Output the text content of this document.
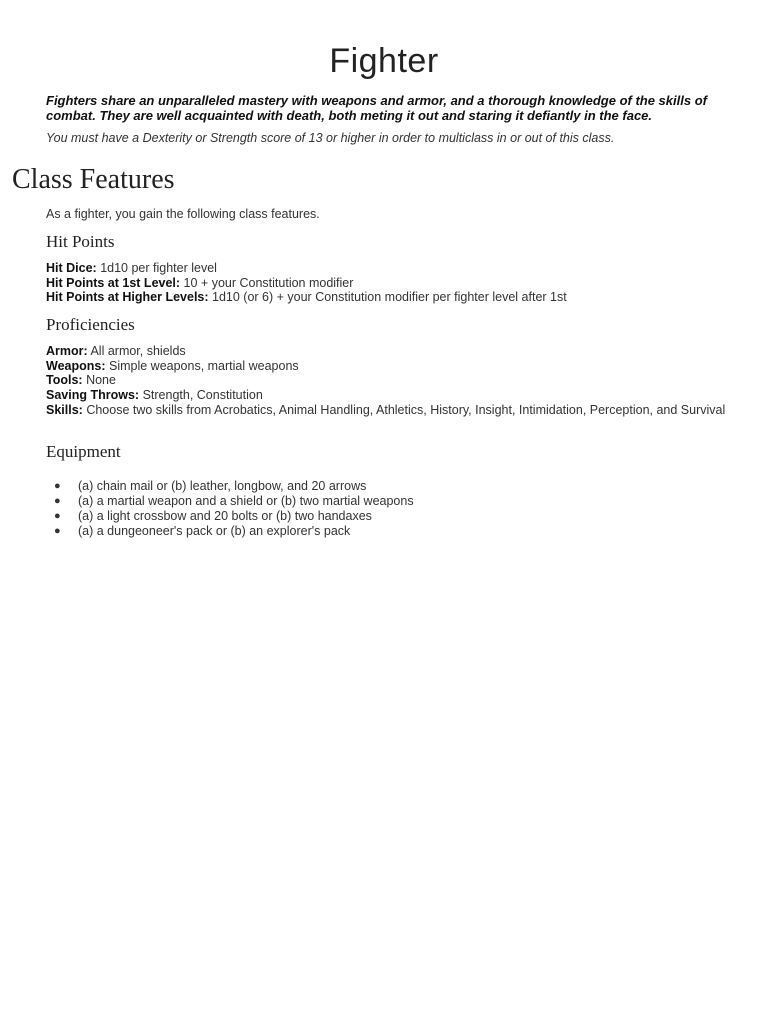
Fighter

Fighters share an unparalleled mastery with weapons and armor, and a thorough knowledge of the skills of combat. They are well acquainted with death, both meting it out and staring it defiantly in the face.

You must have a Dexterity or Strength score of 13 or higher in order to multiclass in or out of this class.

Class Features

As a fighter, you gain the following class features.

Hit Points

Hit Dice: 1d10 per fighter level

Hit Points at 1st Level: 10 + your Constitution modifier

Hit Points at Higher Levels: 1d10 (or 6) + your Constitution modifier per fighter level after 1st

Proficiencies

Armor: All armor, shields

Weapons: Simple weapons, martial weapons

Tools: None

Saving Throws: Strength, Constitution

Skills: Choose two skills from Acrobatics, Animal Handling, Athletics, History, Insight, Intimidation, Perception, and Survival

Equipment
● (a) chain mail or (b) leather, longbow, and 20 arrows
● (a) a martial weapon and a shield or (b) two martial weapons
● (a) a light crossbow and 20 bolts or (b) two handaxes
● (a) a dungeoneer's pack or (b) an explorer's pack
